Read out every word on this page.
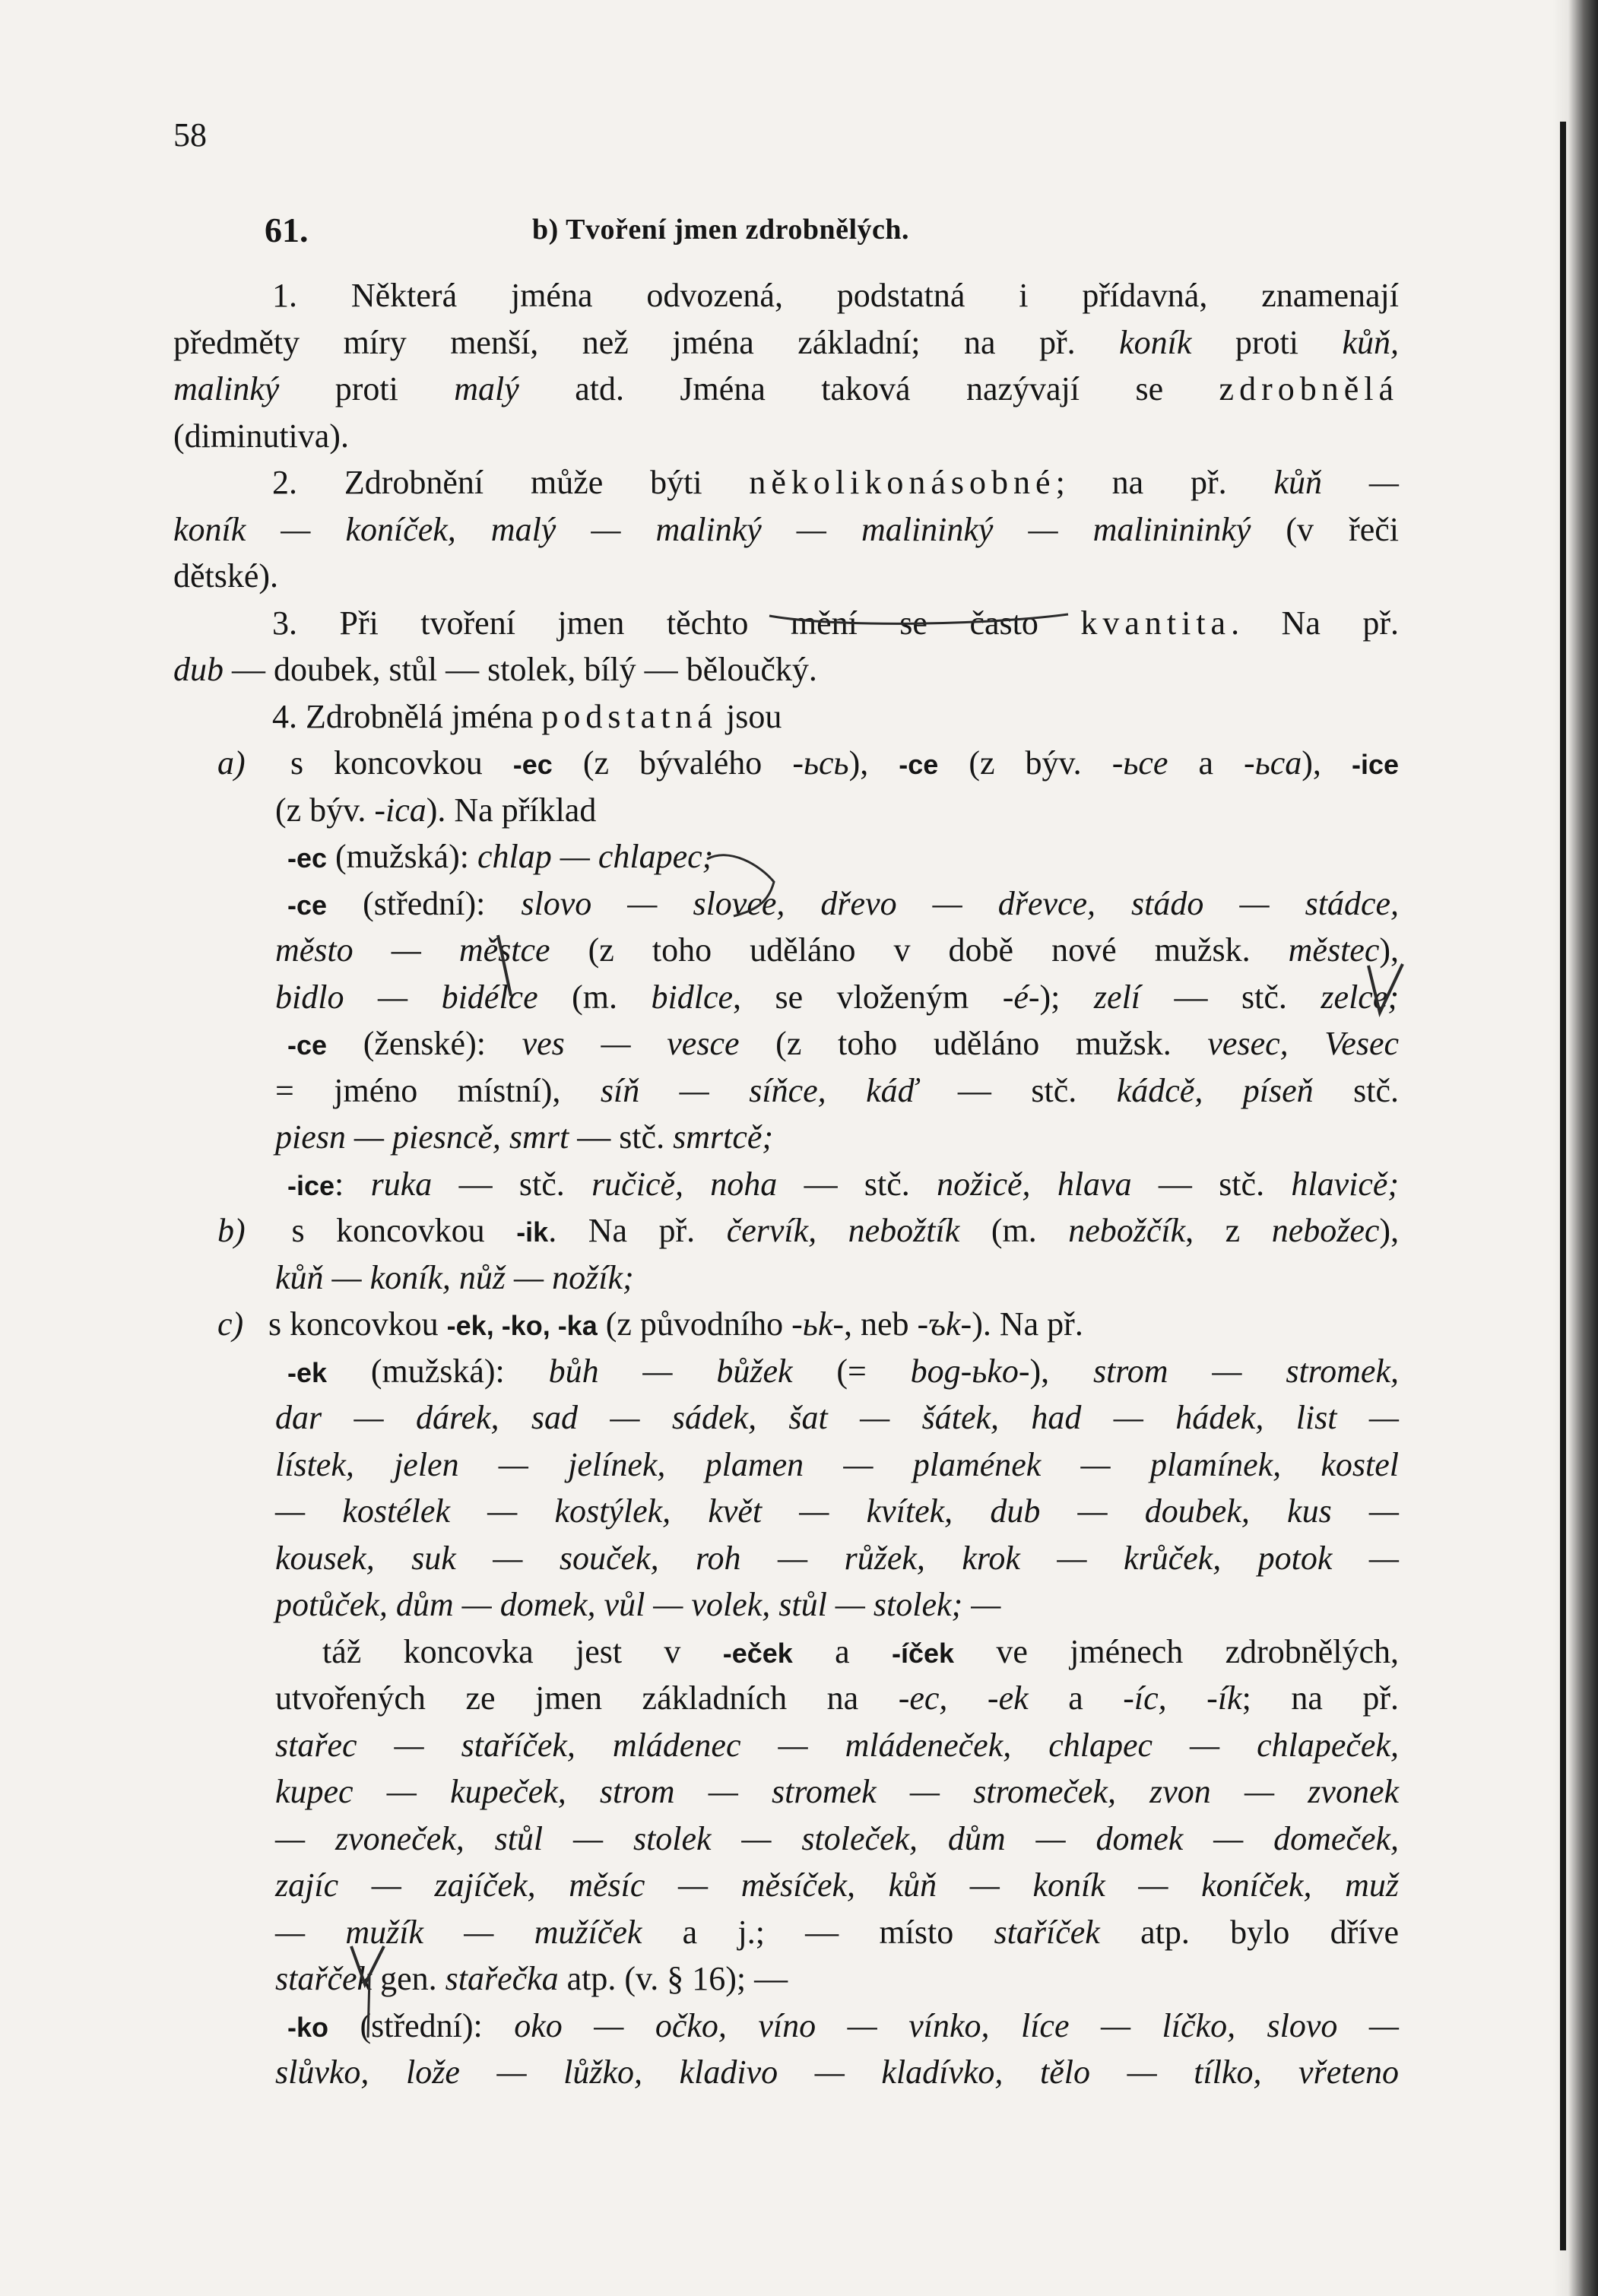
58
61.	b) Tvoření jmen zdrobnělých.
1. Některá jména odvozená, podstatná i přídavná, znamenají
předměty míry menší, než jména základní; na př. koník proti kůň,
malinký proti malý atd. Jména taková nazývají se zdrobnělá
(diminutiva).
2. Zdrobnění může býti několikonásobné; na př. kůň —
koník — koníček, malý — malinký — malininký — malinininký (v řeči
dětské).
3. Při tvoření jmen těchto mění se často kvantita. Na př.
dub — doubek, stůl — stolek, bílý — běloučký.
4. Zdrobnělá jména podstatná jsou
a) s koncovkou -ec (z bývalého -ьcь), -ce (z býv. -ьce a -ьca), -ice
(z býv. -ica). Na příklad
-ec (mužská): chlap — chlapec;
-ce (střední): slovo — slovce, dřevo — dřevce, stádo — stádce,
město — městce (z toho uděláno v době nové mužsk. městec),
bidlo — bidélce (m. bidlce, se vloženým -é-); zelí — stč. zelce;
-ce (ženské): ves — vesce (z toho uděláno mužsk. vesec, Vesec
= jméno místní), síň — síňce, káď — stč. kádcě, píseň stč.
piesn — piesncě, smrt — stč. smrtcě;
-ice: ruka — stč. ručicě, noha — stč. nožicě, hlava — stč. hlavicě;
b) s koncovkou -ik. Na př. červík, nebožtík (m. nebožčík, z nebožec),
kůň — koník, nůž — nožík;
c) s koncovkou -ek, -ko, -ka (z původního -ьk-, neb -ъk-). Na př.
-ek (mužská): bůh — bůžek (= bog-ьko-), strom — stromek,
dar — dárek, sad — sádek, šat — šátek, had — hádek, list —
lístek, jelen — jelínek, plamen — plamének — plamínek, kostel
— kostélek — kostýlek, květ — kvítek, dub — doubek, kus —
kousek, suk — souček, roh — růžek, krok — krůček, potok —
potůček, dům — domek, vůl — volek, stůl — stolek; —
táž koncovka jest v -eček a -íček ve jménech zdrobnělých,
utvořených ze jmen základních na -ec, -ek a -íc, -ík; na př.
stařec — staříček, mládenec — mládeneček, chlapec — chlapeček,
kupec — kupeček, strom — stromek — stromeček, zvon — zvonek
— zvoneček, stůl — stolek — stoleček, dům — domek — domeček,
zajíc — zajíček, měsíc — měsíček, kůň — koník — koníček, muž
— mužík — mužíček a j.; — místo staříček atp. bylo dříve
stařček gen. stařečka atp. (v. § 16); —
-ko (střední): oko — očko, víno — vínko, líce — líčko, slovo —
slůvko, lože — lůžko, kladivo — kladívko, tělo — tílko, vřeteno
